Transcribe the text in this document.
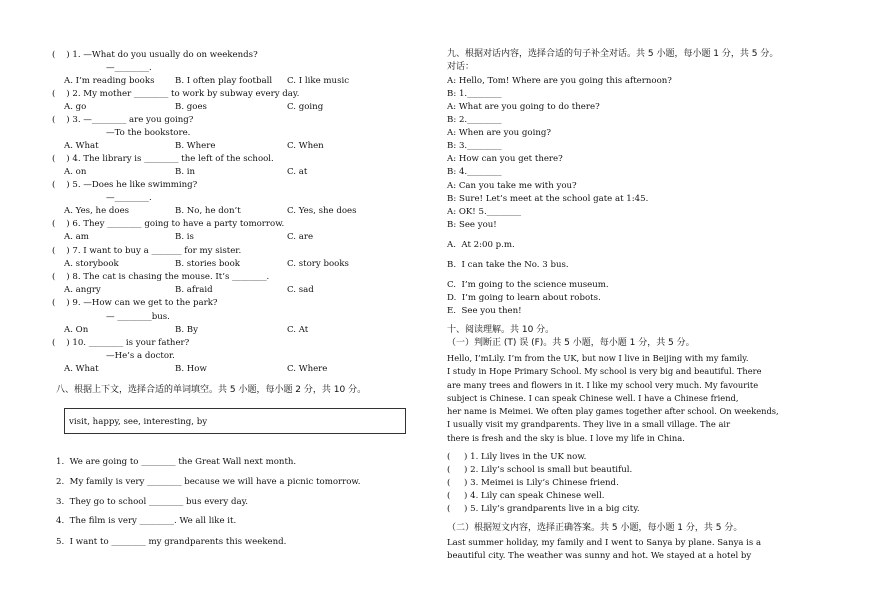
(    ) 1. —What do you usually do on weekends?
—________.
A. I’m reading books B. I often play football C. I like music
(    ) 2. My mother ________ to work by subway every day.
A. go	B. goes	C. going
(    ) 3. —________ are you going?
—To the bookstore.
A. What	B. Where	C. When
(    ) 4. The library is ________ the left of the school.
A. on	B. in	C. at
(    ) 5. —Does he like swimming?
—________.
A. Yes, he does	B. No, he don’t	C. Yes, she does
(    ) 6. They ________ going to have a party tomorrow.
A. am	B. is	C. are
(    ) 7. I want to buy a _______ for my sister.
A. storybook	B. stories book	C. story books
(    ) 8. The cat is chasing the mouse. It’s ________.
A. angry	B. afraid	C. sad
(    ) 9. —How can we get to the park?
— ________bus.
A. On	B. By	C. At
(    ) 10. ________ is your father?
—He’s a doctor.
A. What	B. How	C. Where
八、根据上下文，选择合适的单词填空。共 5 小题，每小题 2 分，共 10 分。
visit, happy, see, interesting, by
1.  We are going to ________ the Great Wall next month.
2.  My family is very ________ because we will have a picnic tomorrow.
3.  They go to school ________ bus every day.
4.  The film is very ________. We all like it.
5.  I want to ________ my grandparents this weekend.
九、根据对话内容，选择合适的句子补全对话。共 5 小题，每小题 1 分，共 5 分。
对话：
A: Hello, Tom! Where are you going this afternoon?
B: 1.________
A: What are you going to do there?
B: 2.________
A: When are you going?
B: 3.________
A: How can you get there?
B: 4.________
A: Can you take me with you?
B: Sure! Let’s meet at the school gate at 1:45.
A: OK! 5.________
B: See you!
A.  At 2:00 p.m.
B.  I can take the No. 3 bus.
C.  I’m going to the science museum.
D.  I’m going to learn about robots.
E.  See you then!
十、阅读理解。共 10 分。
（一）判断正 (T) 误 (F)。共 5 小题，每小题 1 分，共 5 分。
Hello, I’mLily. I’m from the UK, but now I live in Beijing with my family.
I study in Hope Primary School. My school is very big and beautiful. There
are many trees and flowers in it. I like my school very much. My favourite
subject is Chinese. I can speak Chinese well. I have a Chinese friend,
her name is Meimei. We often play games together after school. On weekends,
I usually visit my grandparents. They live in a small village. The air
there is fresh and the sky is blue. I love my life in China.
(     ) 1. Lily lives in the UK now.
(     ) 2. Lily’s school is small but beautiful.
(     ) 3. Meimei is Lily’s Chinese friend.
(     ) 4. Lily can speak Chinese well.
(     ) 5. Lily’s grandparents live in a big city.
（二）根据短文内容，选择正确答案。共 5 小题，每小题 1 分，共 5 分。
Last summer holiday, my family and I went to Sanya by plane. Sanya is a
beautiful city. The weather was sunny and hot. We stayed at a hotel by
